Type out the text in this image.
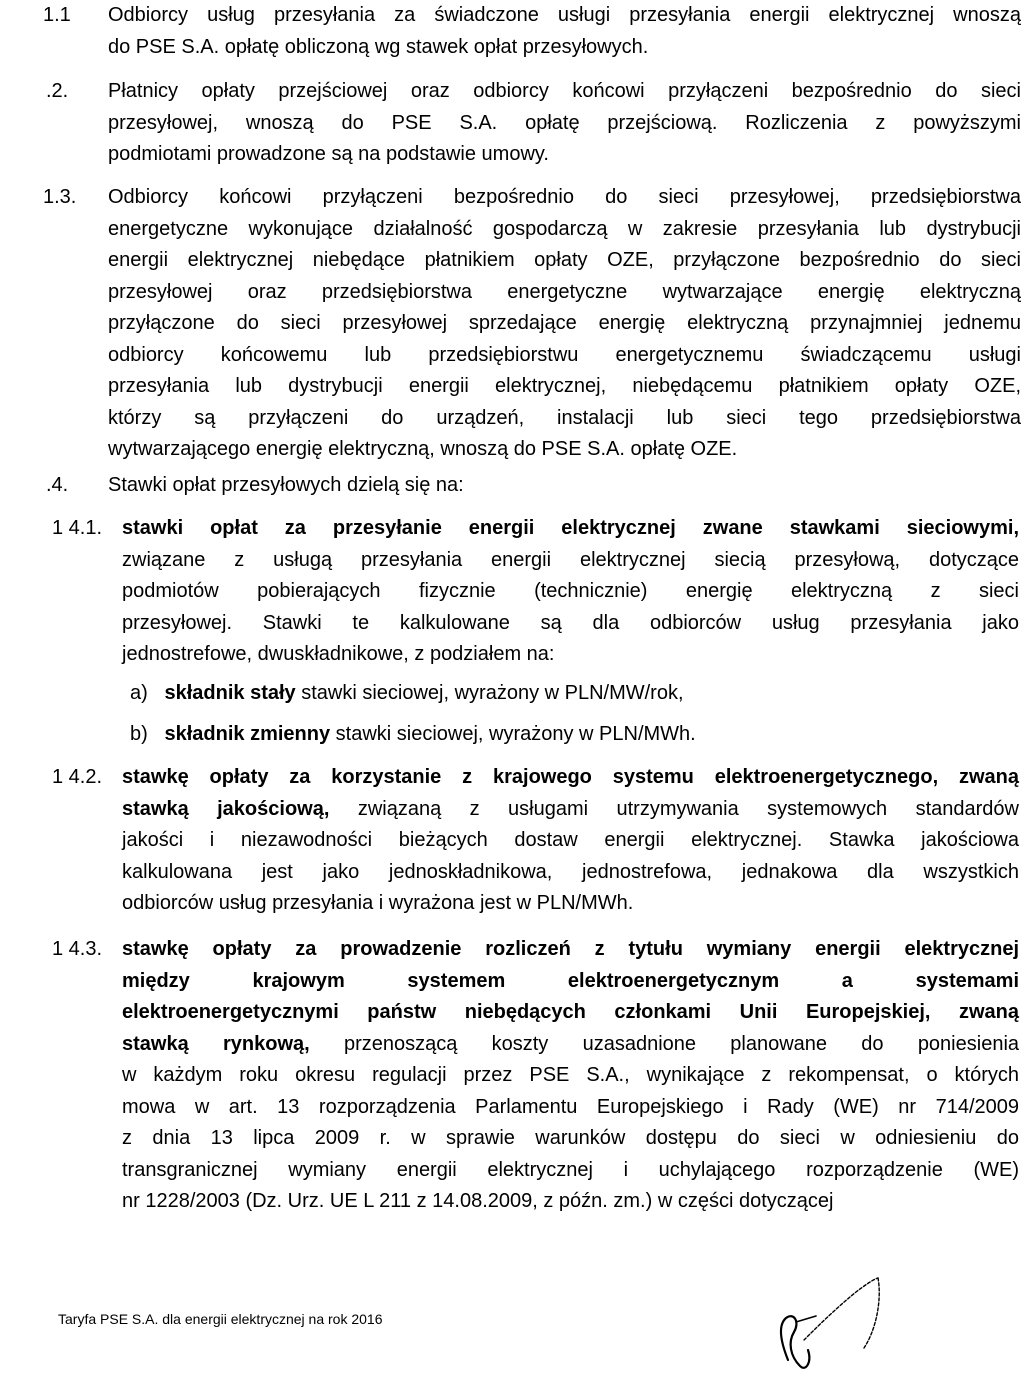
1.1 Odbiorcy usług przesyłania za świadczone usługi przesyłania energii elektrycznej wnoszą
do PSE S.A. opłatę obliczoną wg stawek opłat przesyłowych.
.2. Płatnicy opłaty przejściowej oraz odbiorcy końcowi przyłączeni bezpośrednio do sieci
przesyłowej, wnoszą do PSE S.A. opłatę przejściową. Rozliczenia z powyższymi
podmiotami prowadzone są na podstawie umowy.
1.3. Odbiorcy końcowi przyłączeni bezpośrednio do sieci przesyłowej, przedsiębiorstwa
energetyczne wykonujące działalność gospodarczą w zakresie przesyłania lub dystrybucji
energii elektrycznej niebędące płatnikiem opłaty OZE, przyłączone bezpośrednio do sieci
przesyłowej oraz przedsiębiorstwa energetyczne wytwarzające energię elektryczną
przyłączone do sieci przesyłowej sprzedające energię elektryczną przynajmniej jednemu
odbiorcy końcowemu lub przedsiębiorstwu energetycznemu świadczącemu usługi
przesyłania lub dystrybucji energii elektrycznej, niebędącemu płatnikiem opłaty OZE,
którzy są przyłączeni do urządzeń, instalacji lub sieci tego przedsiębiorstwa
wytwarzającego energię elektryczną, wnoszą do PSE S.A. opłatę OZE.
.4. Stawki opłat przesyłowych dzielą się na:
1 4.1. stawki opłat za przesyłanie energii elektrycznej zwane stawkami sieciowymi,
związane z usługą przesyłania energii elektrycznej siecią przesyłową, dotyczące
podmiotów pobierających fizycznie (technicznie) energię elektryczną z sieci
przesyłowej. Stawki te kalkulowane są dla odbiorców usług przesyłania jako
jednostrefowe, dwuskładnikowe, z podziałem na:
a) składnik stały stawki sieciowej, wyrażony w PLN/MW/rok,
b) składnik zmienny stawki sieciowej, wyrażony w PLN/MWh.
1 4.2. stawkę opłaty za korzystanie z krajowego systemu elektroenergetycznego, zwaną
stawką jakościową, związaną z usługami utrzymywania systemowych standardów
jakości i niezawodności bieżących dostaw energii elektrycznej. Stawka jakościowa
kalkulowana jest jako jednoskładnikowa, jednostrefowa, jednakowa dla wszystkich
odbiorców usług przesyłania i wyrażona jest w PLN/MWh.
1 4.3. stawkę opłaty za prowadzenie rozliczeń z tytułu wymiany energii elektrycznej
między krajowym systemem elektroenergetycznym a systemami
elektroenergetycznymi państw niebędących członkami Unii Europejskiej, zwaną
stawką rynkową, przenoszącą koszty uzasadnione planowane do poniesienia
w każdym roku okresu regulacji przez PSE S.A., wynikające z rekompensat, o których
mowa w art. 13 rozporządzenia Parlamentu Europejskiego i Rady (WE) nr 714/2009
z dnia 13 lipca 2009 r. w sprawie warunków dostępu do sieci w odniesieniu do
transgranicznej wymiany energii elektrycznej i uchylającego rozporządzenie (WE)
nr 1228/2003 (Dz. Urz. UE L 211 z 14.08.2009, z późn. zm.) w części dotyczącej
Taryfa PSE S.A. dla energii elektrycznej na rok 2016
